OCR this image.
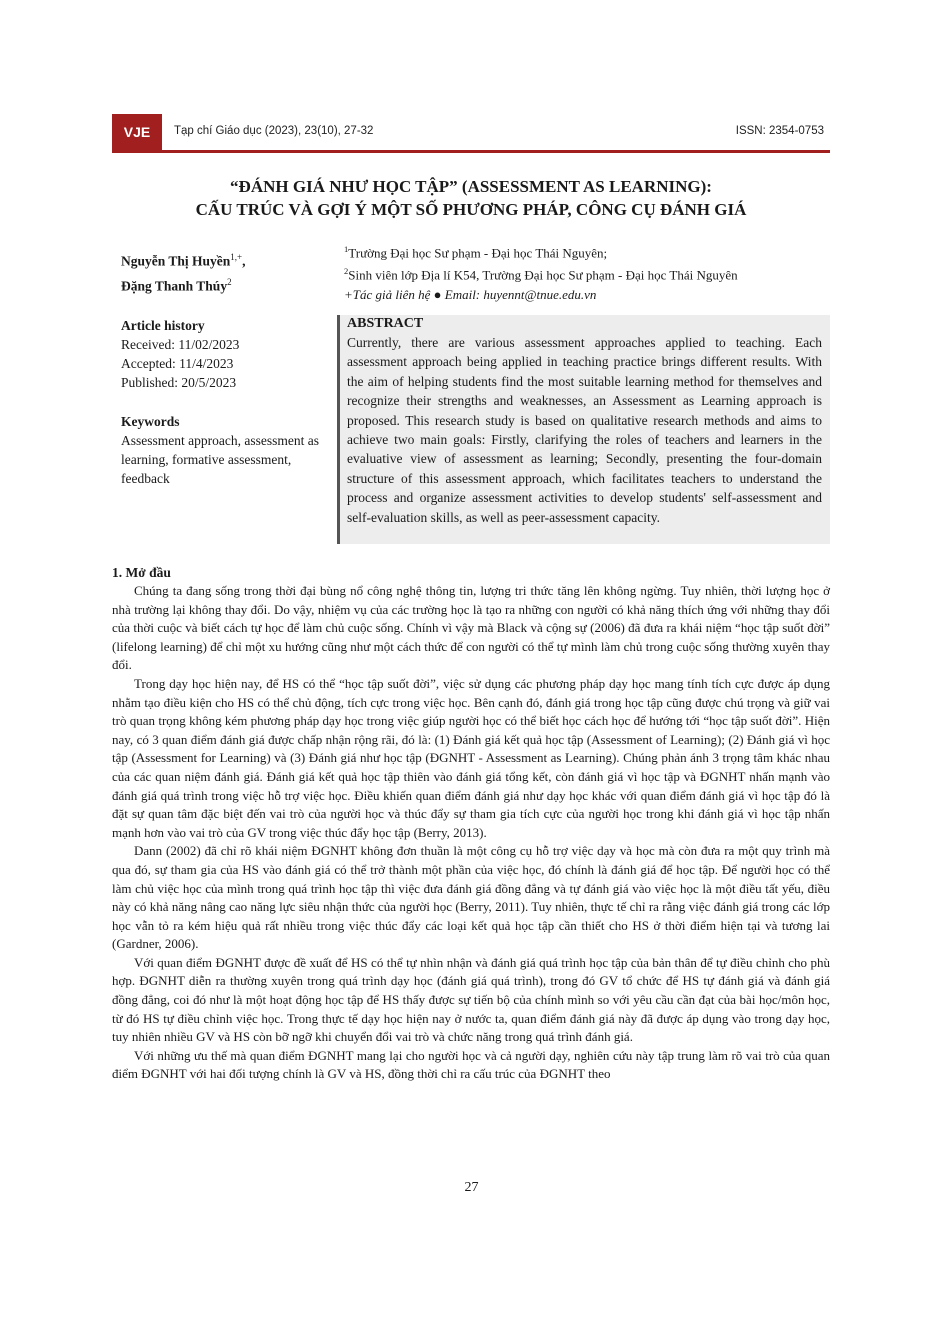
VJE	Tạp chí Giáo dục (2023), 23(10), 27-32	ISSN: 2354-0753
“ĐÁNH GIÁ NHƯ HỌC TẬP” (ASSESSMENT AS LEARNING):
CẤU TRÚC VÀ GỢI Ý MỘT SỐ PHƯƠNG PHÁP, CÔNG CỤ ĐÁNH GIÁ
Nguyễn Thị Huyền$^{1,+}$,
Đặng Thanh Thúy$^2$
$^1$Trường Đại học Sư phạm - Đại học Thái Nguyên;
$^2$Sinh viên lớp Địa lí K54, Trường Đại học Sư phạm - Đại học Thái Nguyên
+Tác giả liên hệ ● Email: huyennt@tnue.edu.vn
Article history
Received: 11/02/2023
Accepted: 11/4/2023
Published: 20/5/2023
Keywords
Assessment approach, assessment as learning, formative assessment, feedback
ABSTRACT
Currently, there are various assessment approaches applied to teaching. Each assessment approach being applied in teaching practice brings different results. With the aim of helping students find the most suitable learning method for themselves and recognize their strengths and weaknesses, an Assessment as Learning approach is proposed. This research study is based on qualitative research methods and aims to achieve two main goals: Firstly, clarifying the roles of teachers and learners in the evaluative view of assessment as learning; Secondly, presenting the four-domain structure of this assessment approach, which facilitates teachers to understand the process and organize assessment activities to develop students' self-assessment and self-evaluation skills, as well as peer-assessment capacity.
1. Mở đầu

Chúng ta đang sống trong thời đại bùng nổ công nghệ thông tin, lượng tri thức tăng lên không ngừng. Tuy nhiên, thời lượng học ở nhà trường lại không thay đổi. Do vậy, nhiệm vụ của các trường học là tạo ra những con người có khả năng thích ứng với những thay đổi của thời cuộc và biết cách tự học để làm chủ cuộc sống. Chính vì vậy mà Black và cộng sự (2006) đã đưa ra khái niệm “học tập suốt đời” (lifelong learning) để chỉ một xu hướng cũng như một cách thức để con người có thể tự mình làm chủ trong cuộc sống thường xuyên thay đổi.

Trong dạy học hiện nay, để HS có thể “học tập suốt đời”, việc sử dụng các phương pháp dạy học mang tính tích cực được áp dụng nhằm tạo điều kiện cho HS có thể chủ động, tích cực trong việc học. Bên cạnh đó, đánh giá trong học tập cũng được chú trọng và giữ vai trò quan trọng không kém phương pháp dạy học trong việc giúp người học có thể biết học cách học để hướng tới “học tập suốt đời”. Hiện nay, có 3 quan điểm đánh giá được chấp nhận rộng rãi, đó là: (1) Đánh giá kết quả học tập (Assessment of Learning); (2) Đánh giá vì học tập (Assessment for Learning) và (3) Đánh giá như học tập (ĐGNHT - Assessment as Learning). Chúng phản ánh 3 trọng tâm khác nhau của các quan niệm đánh giá. Đánh giá kết quả học tập thiên vào đánh giá tổng kết, còn đánh giá vì học tập và ĐGNHT nhấn mạnh vào đánh giá quá trình trong việc hỗ trợ việc học. Điều khiến quan điểm đánh giá như dạy học khác với quan điểm đánh giá vì học tập đó là đặt sự quan tâm đặc biệt đến vai trò của người học và thúc đẩy sự tham gia tích cực của người học trong khi đánh giá vì học tập nhấn mạnh hơn vào vai trò của GV trong việc thúc đẩy học tập (Berry, 2013).

Dann (2002) đã chỉ rõ khái niệm ĐGNHT không đơn thuần là một công cụ hỗ trợ việc dạy và học mà còn đưa ra một quy trình mà qua đó, sự tham gia của HS vào đánh giá có thể trở thành một phần của việc học, đó chính là đánh giá để học tập. Để người học có thể làm chủ việc học của mình trong quá trình học tập thì việc đưa đánh giá đồng đẳng và tự đánh giá vào việc học là một điều tất yếu, điều này có khả năng nâng cao năng lực siêu nhận thức của người học (Berry, 2011). Tuy nhiên, thực tế chỉ ra rằng việc đánh giá trong các lớp học vẫn tỏ ra kém hiệu quả rất nhiều trong việc thúc đẩy các loại kết quả học tập cần thiết cho HS ở thời điểm hiện tại và tương lai (Gardner, 2006).

Với quan điểm ĐGNHT được đề xuất để HS có thể tự nhìn nhận và đánh giá quá trình học tập của bản thân để tự điều chỉnh cho phù hợp. ĐGNHT diễn ra thường xuyên trong quá trình dạy học (đánh giá quá trình), trong đó GV tổ chức để HS tự đánh giá và đánh giá đồng đẳng, coi đó như là một hoạt động học tập để HS thấy được sự tiến bộ của chính mình so với yêu cầu cần đạt của bài học/môn học, từ đó HS tự điều chỉnh việc học. Trong thực tế dạy học hiện nay ở nước ta, quan điểm đánh giá này đã được áp dụng vào trong dạy học, tuy nhiên nhiều GV và HS còn bỡ ngỡ khi chuyển đổi vai trò và chức năng trong quá trình đánh giá.

Với những ưu thế mà quan điểm ĐGNHT mang lại cho người học và cả người dạy, nghiên cứu này tập trung làm rõ vai trò của quan điểm ĐGNHT với hai đối tượng chính là GV và HS, đồng thời chỉ ra cấu trúc của ĐGNHT theo

27
